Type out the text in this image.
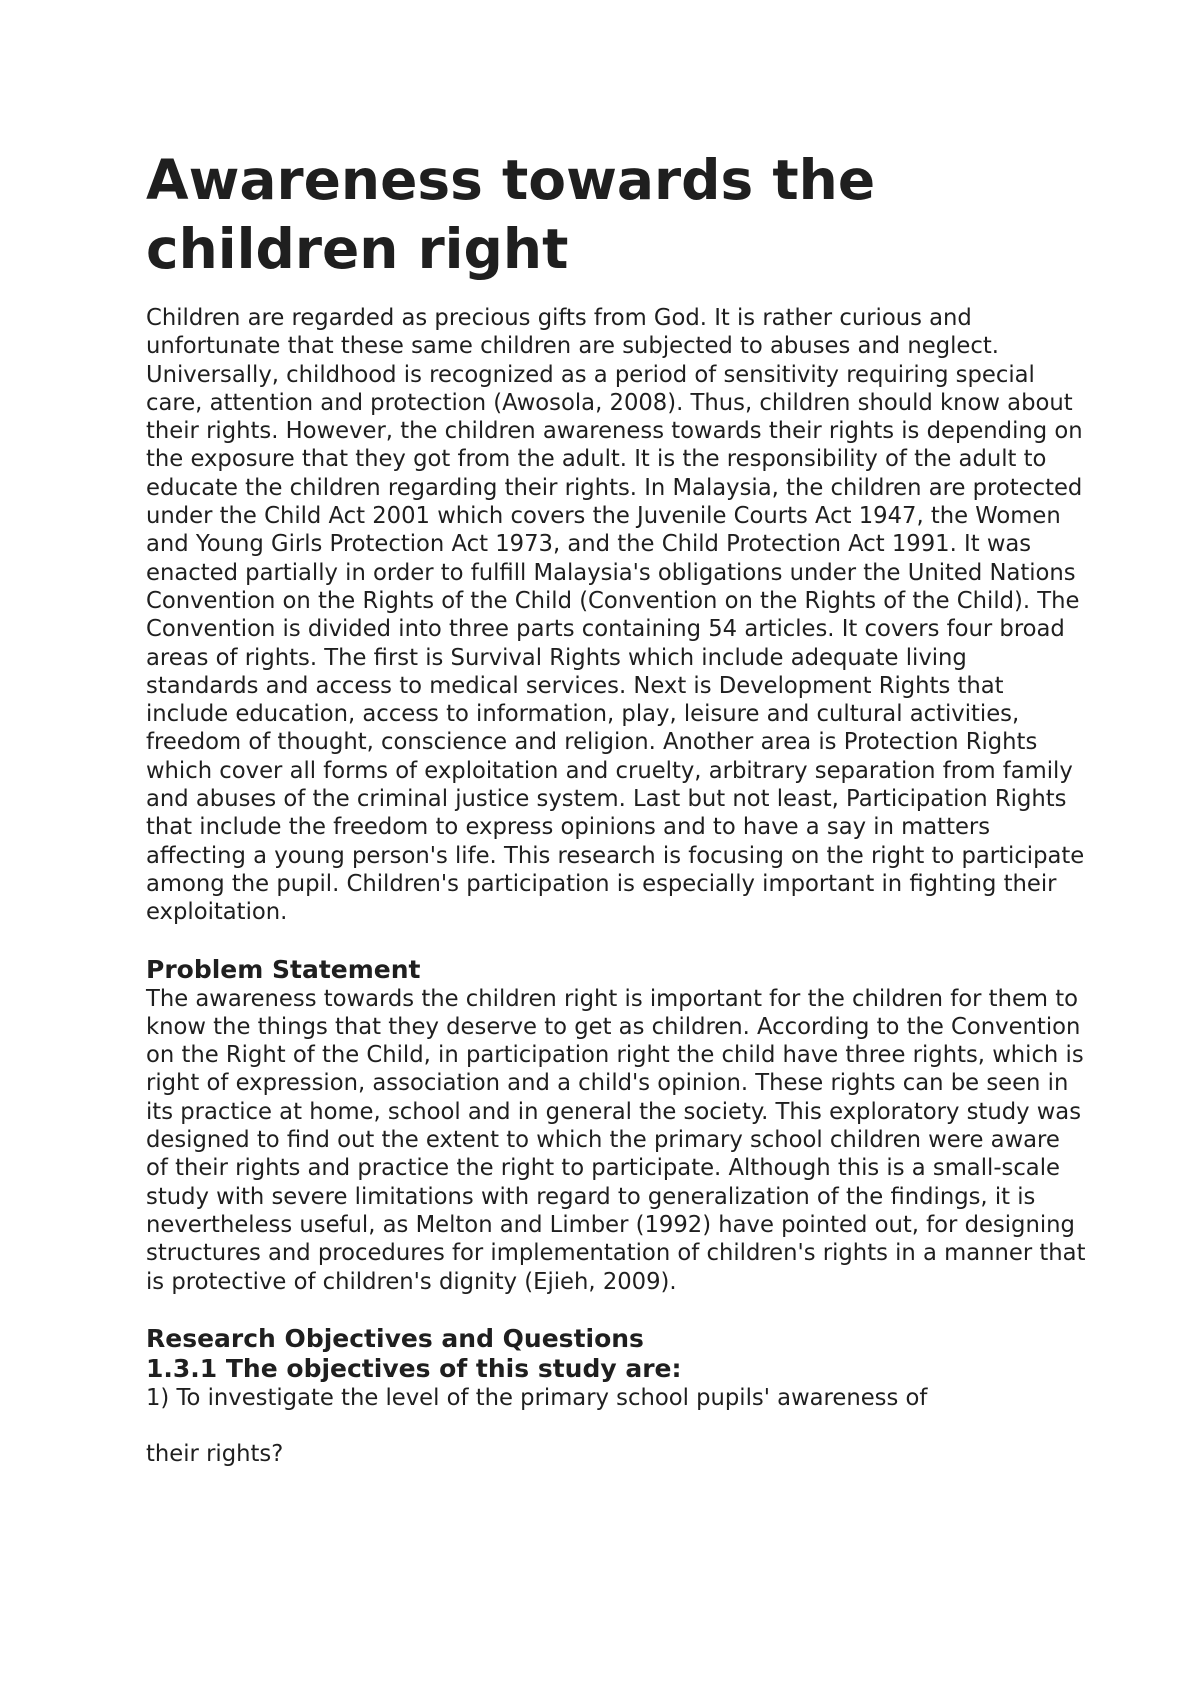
Awareness towards the children right

Children are regarded as precious gifts from God. It is rather curious and unfortunate that these same children are subjected to abuses and neglect. Universally, childhood is recognized as a period of sensitivity requiring special care, attention and protection (Awosola, 2008). Thus, children should know about their rights. However, the children awareness towards their rights is depending on the exposure that they got from the adult. It is the responsibility of the adult to educate the children regarding their rights. In Malaysia, the children are protected under the Child Act 2001 which covers the Juvenile Courts Act 1947, the Women and Young Girls Protection Act 1973, and the Child Protection Act 1991. It was enacted partially in order to fulfill Malaysia's obligations under the United Nations Convention on the Rights of the Child (Convention on the Rights of the Child). The Convention is divided into three parts containing 54 articles. It covers four broad areas of rights. The first is Survival Rights which include adequate living standards and access to medical services. Next is Development Rights that include education, access to information, play, leisure and cultural activities, freedom of thought, conscience and religion. Another area is Protection Rights which cover all forms of exploitation and cruelty, arbitrary separation from family and abuses of the criminal justice system. Last but not least, Participation Rights that include the freedom to express opinions and to have a say in matters affecting a young person's life. This research is focusing on the right to participate among the pupil. Children's participation is especially important in fighting their exploitation.

Problem Statement

The awareness towards the children right is important for the children for them to know the things that they deserve to get as children. According to the Convention on the Right of the Child, in participation right the child have three rights, which is right of expression, association and a child's opinion. These rights can be seen in its practice at home, school and in general the society. This exploratory study was designed to find out the extent to which the primary school children were aware of their rights and practice the right to participate. Although this is a small-scale study with severe limitations with regard to generalization of the findings, it is nevertheless useful, as Melton and Limber (1992) have pointed out, for designing structures and procedures for implementation of children's rights in a manner that is protective of children's dignity (Ejieh, 2009).

Research Objectives and Questions
1.3.1 The objectives of this study are:

1) To investigate the level of the primary school pupils' awareness of

their rights?
